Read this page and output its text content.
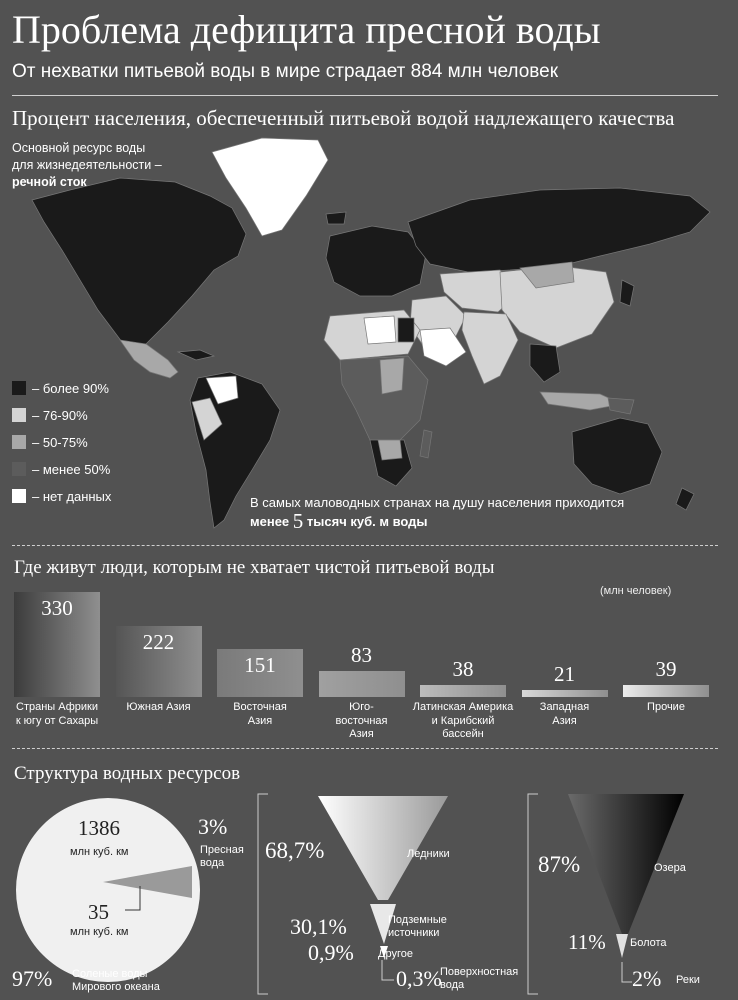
Проблема дефицита пресной воды
От нехватки питьевой воды в мире страдает 884 млн человек
Процент населения, обеспеченный питьевой водой надлежащего качества
Основной ресурс воды
для жизнедеятельности –
речной сток
– более 90%
– 76-90%
– 50-75%
– менее 50%
– нет данных	В самых маловодных странах на душу населения приходится
менее 5 тысяч куб. м воды
Где живут люди, которым не хватает чистой питьевой воды
(млн человек)
330
Страны Африки
к югу от Сахары
222
Южная Азия
151
Восточная
Азия
83
Юго-
восточная
Азия
38
Латинская Америка
и Карибский
бассейн
21
Западная
Азия
39
Прочие
Структура водных ресурсов
1386
млн куб. км
35
млн куб. км
97% Соленые воды
Мирового океана
3%
Пресная
вода	68,7%	Ледники
30,1%	Подземные
источники
0,9% Другое
0,3%
Поверхностная
вода
87%	Озера
11% Болота
2% Реки
